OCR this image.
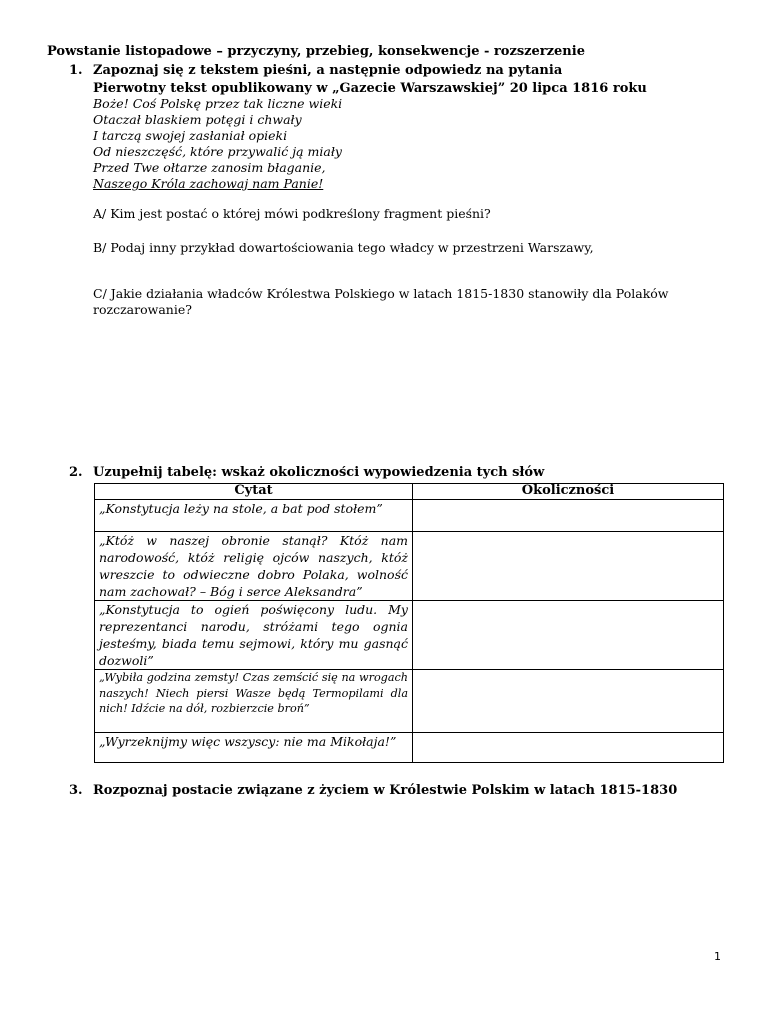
Powstanie listopadowe – przyczyny, przebieg, konsekwencje - rozszerzenie
1. Zapoznaj się z tekstem pieśni, a następnie odpowiedz na pytania
Pierwotny tekst opublikowany w „Gazecie Warszawskiej” 20 lipca 1816 roku
Boże! Coś Polskę przez tak liczne wieki
Otaczał blaskiem potęgi i chwały
I tarczą swojej zasłaniał opieki
Od nieszczęść, które przywalić ją miały
Przed Twe ołtarze zanosim błaganie,
Naszego Króla zachowaj nam Panie!
A/ Kim jest postać o której mówi podkreślony fragment pieśni?
B/ Podaj inny przykład dowartościowania tego władcy w przestrzeni Warszawy,
C/ Jakie działania władców Królestwa Polskiego w latach 1815-1830 stanowiły dla Polaków rozczarowanie?
2. Uzupełnij tabelę: wskaż okoliczności wypowiedzenia tych słów
Cytat	Okoliczności
„Konstytucja leży na stole, a bat pod stołem”	
„Któż w naszej obronie stanął? Któż nam narodowość, któż religię ojców naszych, któż wreszcie to odwieczne dobro Polaka, wolność nam zachował? – Bóg i serce Aleksandra”	
„Konstytucja to ogień poświęcony ludu. My reprezentanci narodu, stróżami tego ognia jesteśmy, biada temu sejmowi, który mu gasnąć dozwoli”	
„Wybiła godzina zemsty! Czas zemścić się na wrogach naszych! Niech piersi Wasze będą Termopilami dla nich! Idźcie na dół, rozbierzcie broń”	
„Wyrzeknijmy więc wszyscy: nie ma Mikołaja!”	
3. Rozpoznaj postacie związane z życiem w Królestwie Polskim w latach 1815-1830
1
